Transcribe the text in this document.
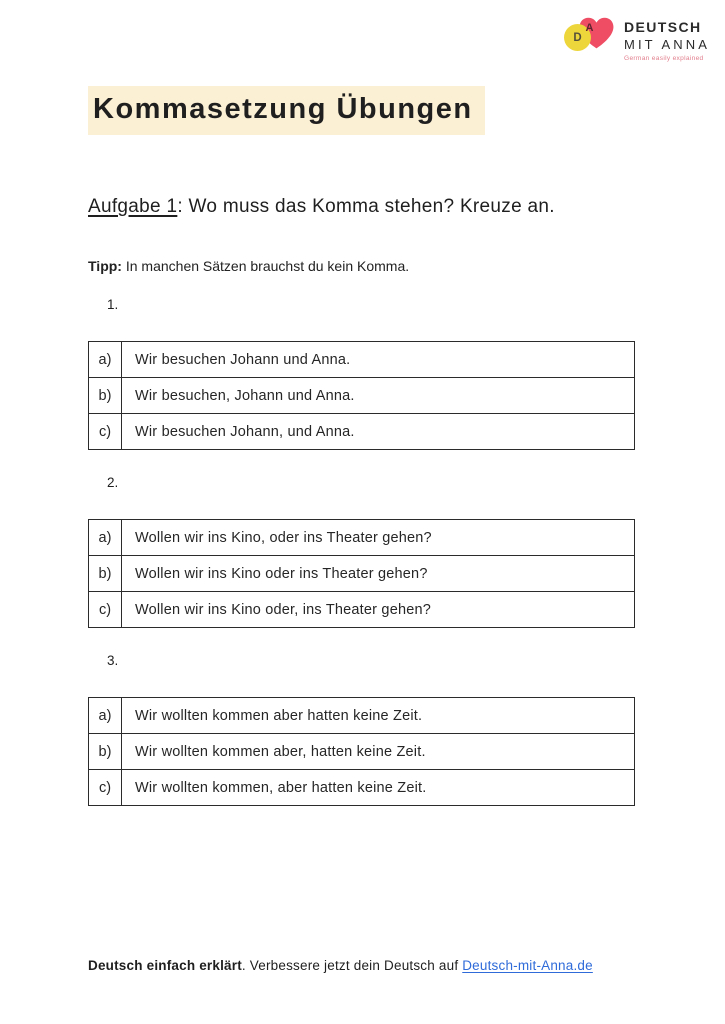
A
D
DEUTSCH
MIT ANNA
German easily explained
Kommasetzung Übungen
Aufgabe 1: Wo muss das Komma stehen? Kreuze an.

Tipp: In manchen Sätzen brauchst du kein Komma.

1.
a)	Wir besuchen Johann und Anna.
b)	Wir besuchen, Johann und Anna.
c)	Wir besuchen Johann, und Anna.
2.
a)	Wollen wir ins Kino, oder ins Theater gehen?
b)	Wollen wir ins Kino oder ins Theater gehen?
c)	Wollen wir ins Kino oder, ins Theater gehen?
3.
a)	Wir wollten kommen aber hatten keine Zeit.
b)	Wir wollten kommen aber, hatten keine Zeit.
c)	Wir wollten kommen, aber hatten keine Zeit.
Deutsch einfach erklärt. Verbessere jetzt dein Deutsch auf Deutsch-mit-Anna.de
